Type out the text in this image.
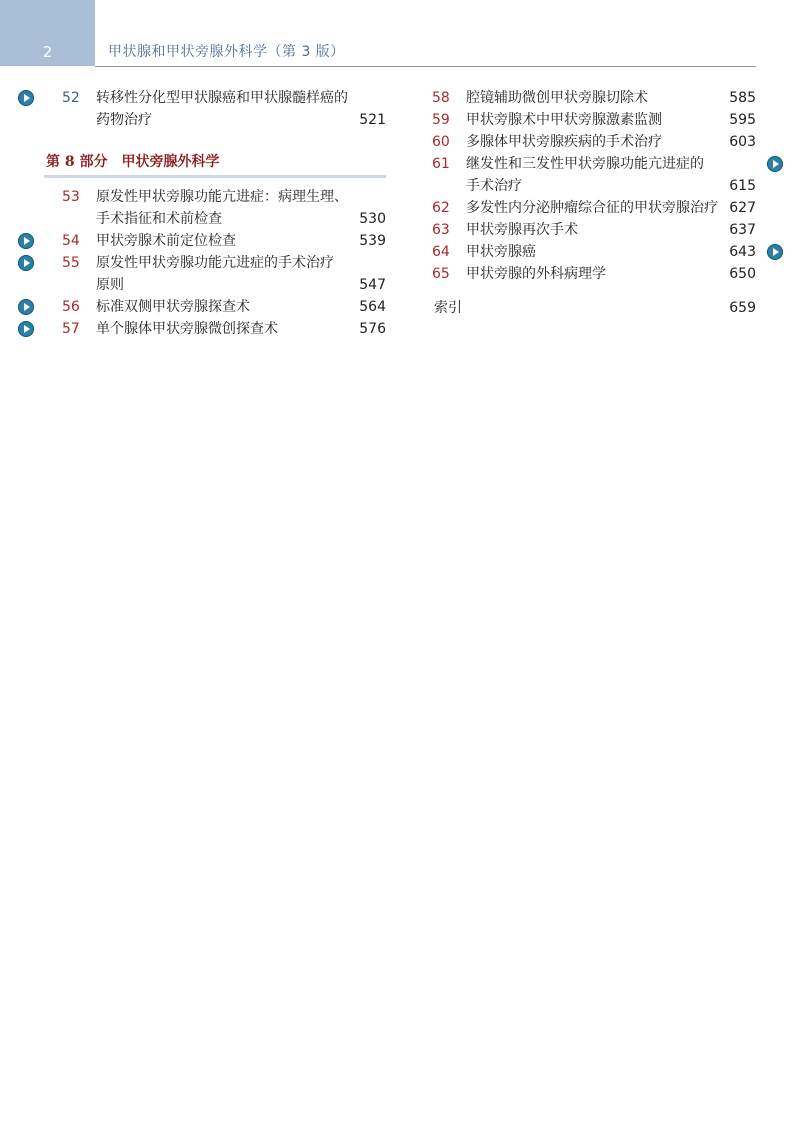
2	甲状腺和甲状旁腺外科学（第 3 版）
52	转移性分化型甲状腺癌和甲状腺髓样癌的
药物治疗	521
第 8 部分　甲状旁腺外科学
53	原发性甲状旁腺功能亢进症：病理生理、
手术指征和术前检查	530
54	甲状旁腺术前定位检查	539
55	原发性甲状旁腺功能亢进症的手术治疗
原则	547
56	标准双侧甲状旁腺探查术	564
57	单个腺体甲状旁腺微创探查术	576
58	腔镜辅助微创甲状旁腺切除术	585
59	甲状旁腺术中甲状旁腺激素监测	595
60	多腺体甲状旁腺疾病的手术治疗	603
61	继发性和三发性甲状旁腺功能亢进症的
手术治疗	615
62	多发性内分泌肿瘤综合征的甲状旁腺治疗 627
63	甲状旁腺再次手术	637
64	甲状旁腺癌	643
65	甲状旁腺的外科病理学	650
索引	659
